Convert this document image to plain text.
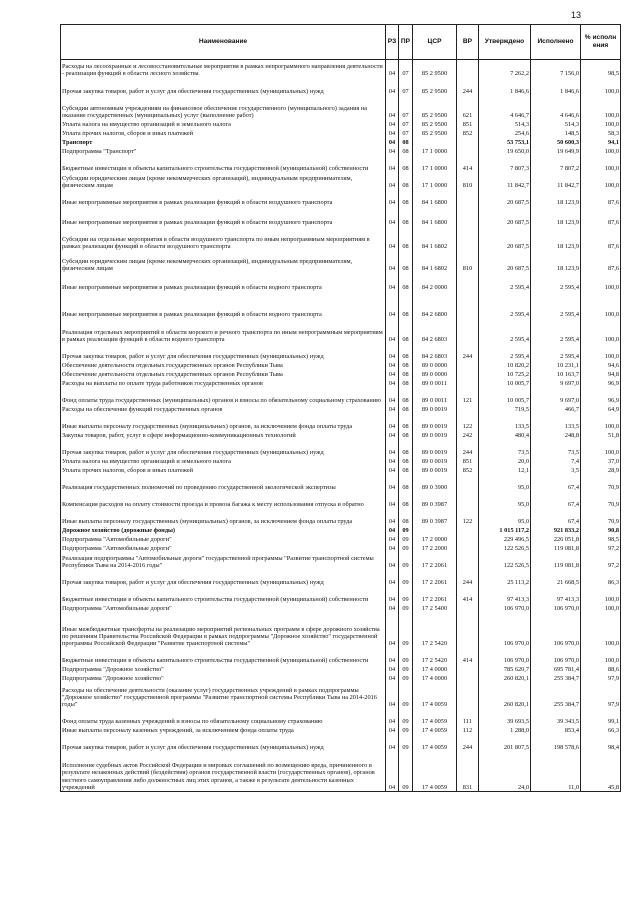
13
Наименование	РЗ	ПР	ЦСР	ВР	Утверждено	Исполнено	% исполн ения
Расходы на лесоохранные и лесовосстановительные мероприятия в рамках непрограммного направления деятельности - реализация функций в области лесного хозяйства	04	07	85 2 9500		7 262,2	7 156,0	98,5
Прочая закупка товаров, работ и услуг для обеспечения государственных (муниципальных) нужд	04	07	85 2 9500	244	1 846,6	1 846,6	100,0
Субсидии автономным учреждениям на финансовое обеспечение государственного (муниципального) задания на оказание государственных (муниципальных) услуг (выполнение работ)	04	07	85 2 9500	621	4 646,7	4 646,6	100,0
Уплата налога на имущество организаций и земельного налога	04	07	85 2 9500	851	514,3	514,3	100,0
Уплата прочих налогов, сборов и иных платежей	04	07	85 2 9500	852	254,6	148,5	58,3
Транспорт	04	08			53 753,1	50 600,3	94,1
Подпрограмма "Транспорт"	04	08	17 1 0000		19 650,0	19 649,9	100,0
Бюджетные инвестиции в объекты капитального строительства государственной (муниципальной) собственности	04	08	17 1 0000	414	7 807,3	7 807,2	100,0
Субсидии юридическим лицам (кроме некоммерческих организаций), индивидуальным предпринимателям, физическим лицам	04	08	17 1 0000	810	11 842,7	11 842,7	100,0
Иные непрограммные мероприятия в рамках реализации функций в области воздушного транспорта	04	08	84 1 6800		20 687,5	18 123,9	87,6
Иные непрограммные мероприятия в рамках реализации функций в области воздушного транспорта	04	08	84 1 6800		20 687,5	18 123,9	87,6
Субсидии на отдельные мероприятия в области воздушного транспорта по иным непрограммным мероприятиям в рамках реализации функций в области воздушного транспорта	04	08	84 1 6802		20 687,5	18 123,9	87,6
Субсидии юридическим лицам (кроме некоммерческих организаций), индивидуальным предпринимателям, физическим лицам	04	08	84 1 6802	810	20 687,5	18 123,9	87,6
Иные непрограммные мероприятия в рамках реализации функций в области водного транспорта	04	08	84 2 0000		2 595,4	2 595,4	100,0
Иные непрограммные мероприятия в рамках реализации функций в области водного транспорта	04	08	84 2 6800		2 595,4	2 595,4	100,0
Реализация отдельных мероприятий в области морского и речного транспорта по иным непрограммным мероприятиям в рамках реализации функций в области водного транспорта	04	08	84 2 6803		2 595,4	2 595,4	100,0
Прочая закупка товаров, работ и услуг для обеспечения государственных (муниципальных) нужд	04	08	84 2 6803	244	2 595,4	2 595,4	100,0
Обеспечение деятельности отдельных государственных органов Республики Тыва	04	08	89 0 0000		10 820,2	10 231,1	94,6
Обеспечение деятельности отдельных государственных органов Республики Тыва	04	08	89 0 0000		10 725,2	10 163,7	94,8
Расходы на выплаты по оплате труда работников государственных органов	04	08	89 0 0011		10 005,7	9 697,0	96,9
Фонд оплаты труда государственных (муниципальных) органов и взносы по обязательному социальному страхованию	04	08	89 0 0011	121	10 005,7	9 697,0	96,9
Расходы на обеспечение функций государственных органов	04	08	89 0 0019		719,5	466,7	64,9
Иные выплаты персоналу государственных (муниципальных) органов, за исключением фонда оплаты труда	04	08	89 0 0019	122	133,5	133,5	100,0
Закупка товаров, работ, услуг в сфере информационно-коммуникационных технологий	04	08	89 0 0019	242	480,4	248,8	51,8
Прочая закупка товаров, работ и услуг для обеспечения государственных (муниципальных) нужд	04	08	89 0 0019	244	73,5	73,5	100,0
Уплата налога на имущество организаций и земельного налога	04	08	89 0 0019	851	20,0	7,4	37,0
Уплата прочих налогов, сборов и иных платежей	04	08	89 0 0019	852	12,1	3,5	28,9
Реализация государственных полномочий по проведению государственной экологической экспертизы	04	08	89 0 3900		95,0	67,4	70,9
Компенсация расходов на оплату стоимости проезда и провоза багажа к месту использования отпуска и обратно	04	08	89 0 3987		95,0	67,4	70,9
Иные выплаты персоналу государственных (муниципальных) органов, за исключением фонда оплаты труда	04	08	89 0 3987	122	95,0	67,4	70,9
Дорожное хозяйство (дорожные фонды)	04	09			1 015 117,2	921 833,2	90,8
Подпрограмма "Автомобильные дороги"	04	09	17 2 0000		229 496,5	226 051,8	98,5
Подпрограмма "Автомобильные дороги"	04	09	17 2 2000		122 526,5	119 081,8	97,2
Реализация подпрограммы "Автомобильные дороги" государственной программы "Развитие транспортной системы Республики Тыва на 2014-2016 годы"	04	09	17 2 2061		122 526,5	119 081,8	97,2
Прочая закупка товаров, работ и услуг для обеспечения государственных (муниципальных) нужд	04	09	17 2 2061	244	25 113,2	21 668,5	86,3
Бюджетные инвестиции в объекты капитального строительства государственной (муниципальной) собственности	04	09	17 2 2061	414	97 413,3	97 413,3	100,0
Подпрограмма "Автомобильные дороги"	04	09	17 2 5400		106 970,0	106 970,0	100,0
Иные межбюджетные трансферты на реализацию мероприятий региональных программ в сфере дорожного хозяйства по решениям Правительства Российской Федерации в рамках подпрограммы "Дорожное хозяйство" государственной программы Российской Федерации "Развитие транспортной системы"	04	09	17 2 5420		106 970,0	106 970,0	100,0
Бюджетные инвестиции в объекты капитального строительства государственной (муниципальной) собственности	04	09	17 2 5420	414	106 970,0	106 970,0	100,0
Подпрограмма "Дорожное хозяйство"	04	09	17 4 0000		785 620,7	695 781,4	88,6
Подпрограмма "Дорожное хозяйство"	04	09	17 4 0000		260 820,1	255 384,7	97,9
Расходы на обеспечение деятельности (оказание услуг) государственных учреждений в рамках подпрограммы "Дорожное хозяйство" государственной программы "Развитие транспортной системы Республики Тыва на 2014-2016 годы"	04	09	17 4 0059		260 820,1	255 384,7	97,9
Фонд оплаты труда казенных учреждений и взносы по обязательному социальному страхованию	04	09	17 4 0059	111	39 693,5	39 343,5	99,1
Иные выплаты персоналу казенных учреждений, за исключением фонда оплаты труда	04	09	17 4 0059	112	1 288,0	853,4	66,3
Прочая закупка товаров, работ и услуг для обеспечения государственных (муниципальных) нужд	04	09	17 4 0059	244	201 807,5	198 578,6	98,4
Исполнение судебных актов Российской Федерации и мировых соглашений по возмещению вреда, причиненного в результате незаконных действий (бездействия) органов государственной власти (государственных органов), органов местного самоуправления либо должностных лиц этих органов, а также в результате деятельности казенных учреждений	04	09	17 4 0059	831	24,0	11,0	45,8
